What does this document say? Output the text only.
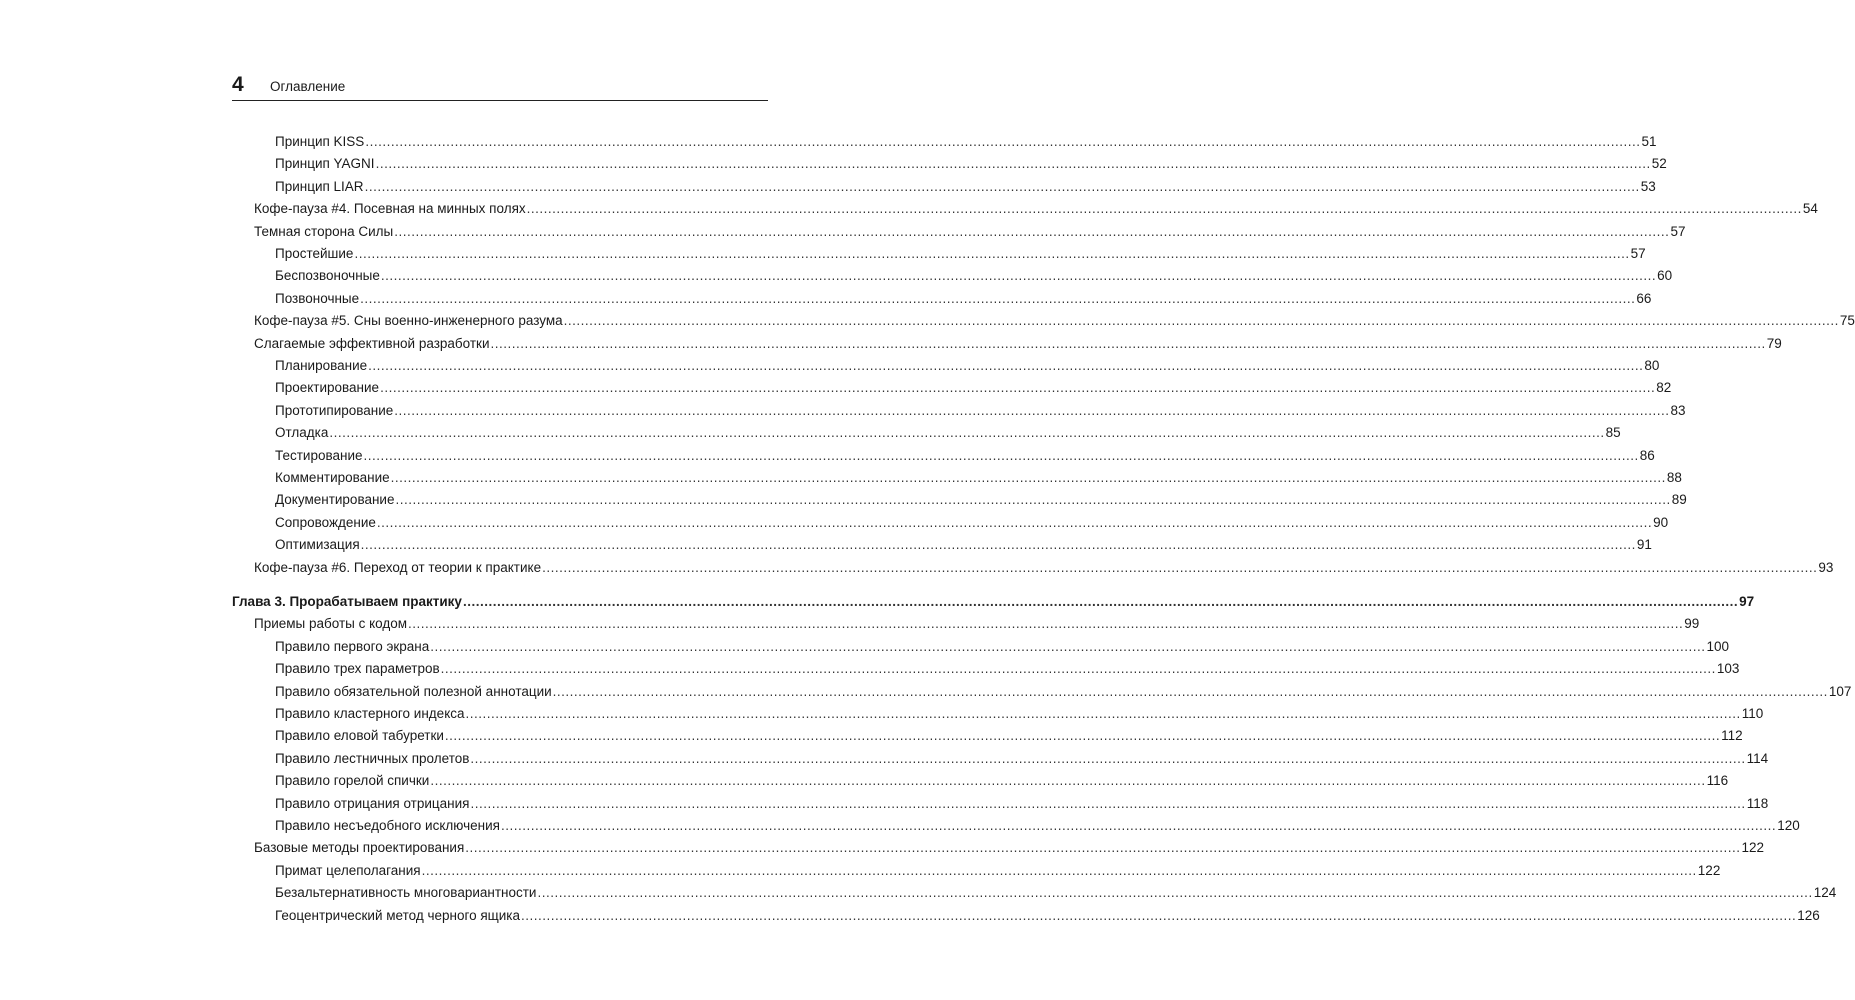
4 Оглавление
Принцип KISS ............................................................................................................................................................................................................................................................................................................ 51
Принцип YAGNI ............................................................................................................................................................................................................................................................................................................ 52
Принцип LIAR ............................................................................................................................................................................................................................................................................................................ 53
Кофе-пауза #4. Посевная на минных полях ............................................................................................................................................................................................................................................................................................................ 54
Темная сторона Силы ............................................................................................................................................................................................................................................................................................................ 57
Простейшие ............................................................................................................................................................................................................................................................................................................ 57
Беспозвоночные ............................................................................................................................................................................................................................................................................................................ 60
Позвоночные ............................................................................................................................................................................................................................................................................................................ 66
Кофе-пауза #5. Сны военно-инженерного разума ............................................................................................................................................................................................................................................................................................................ 75
Слагаемые эффективной разработки ............................................................................................................................................................................................................................................................................................................ 79
Планирование ............................................................................................................................................................................................................................................................................................................ 80
Проектирование ............................................................................................................................................................................................................................................................................................................ 82
Прототипирование ............................................................................................................................................................................................................................................................................................................ 83
Отладка ............................................................................................................................................................................................................................................................................................................ 85
Тестирование ............................................................................................................................................................................................................................................................................................................ 86
Комментирование ............................................................................................................................................................................................................................................................................................................ 88
Документирование ............................................................................................................................................................................................................................................................................................................ 89
Сопровождение ............................................................................................................................................................................................................................................................................................................ 90
Оптимизация ............................................................................................................................................................................................................................................................................................................ 91
Кофе-пауза #6. Переход от теории к практике ............................................................................................................................................................................................................................................................................................................ 93
Глава 3. Прорабатываем практику ............................................................................................................................................................................................................................................................................................................ 97
Приемы работы с кодом ............................................................................................................................................................................................................................................................................................................ 99
Правило первого экрана ............................................................................................................................................................................................................................................................................................................ 100
Правило трех параметров ............................................................................................................................................................................................................................................................................................................ 103
Правило обязательной полезной аннотации ............................................................................................................................................................................................................................................................................................................ 107
Правило кластерного индекса ............................................................................................................................................................................................................................................................................................................ 110
Правило еловой табуретки ............................................................................................................................................................................................................................................................................................................ 112
Правило лестничных пролетов ............................................................................................................................................................................................................................................................................................................ 114
Правило горелой спички ............................................................................................................................................................................................................................................................................................................ 116
Правило отрицания отрицания ............................................................................................................................................................................................................................................................................................................ 118
Правило несъедобного исключения ............................................................................................................................................................................................................................................................................................................ 120
Базовые методы проектирования ............................................................................................................................................................................................................................................................................................................ 122
Примат целеполагания ............................................................................................................................................................................................................................................................................................................ 122
Безальтернативность многовариантности ............................................................................................................................................................................................................................................................................................................ 124
Геоцентрический метод черного ящика ............................................................................................................................................................................................................................................................................................................ 126
